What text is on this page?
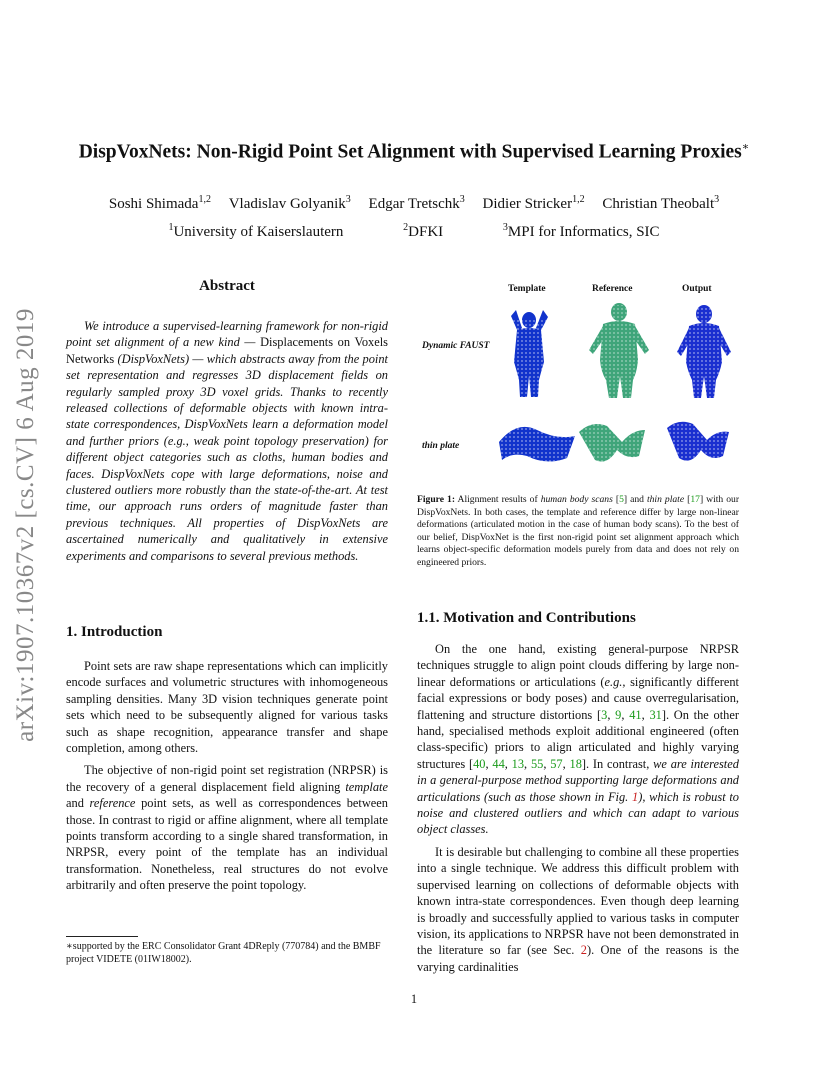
arXiv:1907.10367v2 [cs.CV] 6 Aug 2019
DispVoxNets: Non-Rigid Point Set Alignment with Supervised Learning Proxies∗
Soshi Shimada$^{1,2}$ Vladislav Golyanik$^3$ Edgar Tretschk$^3$ Didier Stricker$^{1,2}$ Christian Theobalt$^3$
$^1$University of Kaiserslautern	$^2$DFKI	$^3$MPI for Informatics, SIC
Abstract
We introduce a supervised-learning framework for non-rigid point set alignment of a new kind — Displacements on Voxels Networks (DispVoxNets) — which abstracts away from the point set representation and regresses 3D displacement fields on regularly sampled proxy 3D voxel grids. Thanks to recently released collections of deformable objects with known intra-state correspondences, DispVoxNets learn a deformation model and further priors (e.g., weak point topology preservation) for different object categories such as cloths, human bodies and faces. DispVoxNets cope with large deformations, noise and clustered outliers more robustly than the state-of-the-art. At test time, our approach runs orders of magnitude faster than previous techniques. All properties of DispVoxNets are ascertained numerically and qualitatively in extensive experiments and comparisons to several previous methods.
1. Introduction

Point sets are raw shape representations which can implicitly encode surfaces and volumetric structures with inhomogeneous sampling densities. Many 3D vision techniques generate point sets which need to be subsequently aligned for various tasks such as shape recognition, appearance transfer and shape completion, among others.

The objective of non-rigid point set registration (NRPSR) is the recovery of a general displacement field aligning template and reference point sets, as well as correspondences between those. In contrast to rigid or affine alignment, where all template points transform according to a single shared transformation, in NRPSR, every point of the template has an individual transformation. Nonetheless, real structures do not evolve arbitrarily and often preserve the point topology.

∗supported by the ERC Consolidator Grant 4DReply (770784) and the BMBF project VIDETE (01IW18002).
Template	Reference	Output
Dynamic FAUST
thin plate
Figure 1: Alignment results of human body scans [5] and thin plate [17] with our DispVoxNets. In both cases, the template and reference differ by large non-linear deformations (articulated motion in the case of human body scans). To the best of our belief, DispVoxNet is the first non-rigid point set alignment approach which learns object-specific deformation models purely from data and does not rely on engineered priors.
1.1. Motivation and Contributions

On the one hand, existing general-purpose NRPSR techniques struggle to align point clouds differing by large non-linear deformations or articulations (e.g., significantly different facial expressions or body poses) and cause overregularisation, flattening and structure distortions [3, 9, 41, 31]. On the other hand, specialised methods exploit additional engineered (often class-specific) priors to align articulated and highly varying structures [40, 44, 13, 55, 57, 18]. In contrast, we are interested in a general-purpose method supporting large deformations and articulations (such as those shown in Fig. 1), which is robust to noise and clustered outliers and which can adapt to various object classes.

It is desirable but challenging to combine all these properties into a single technique. We address this difficult problem with supervised learning on collections of deformable objects with known intra-state correspondences. Even though deep learning is broadly and successfully applied to various tasks in computer vision, its applications to NRPSR have not been demonstrated in the literature so far (see Sec. 2). One of the reasons is the varying cardinalities

1
